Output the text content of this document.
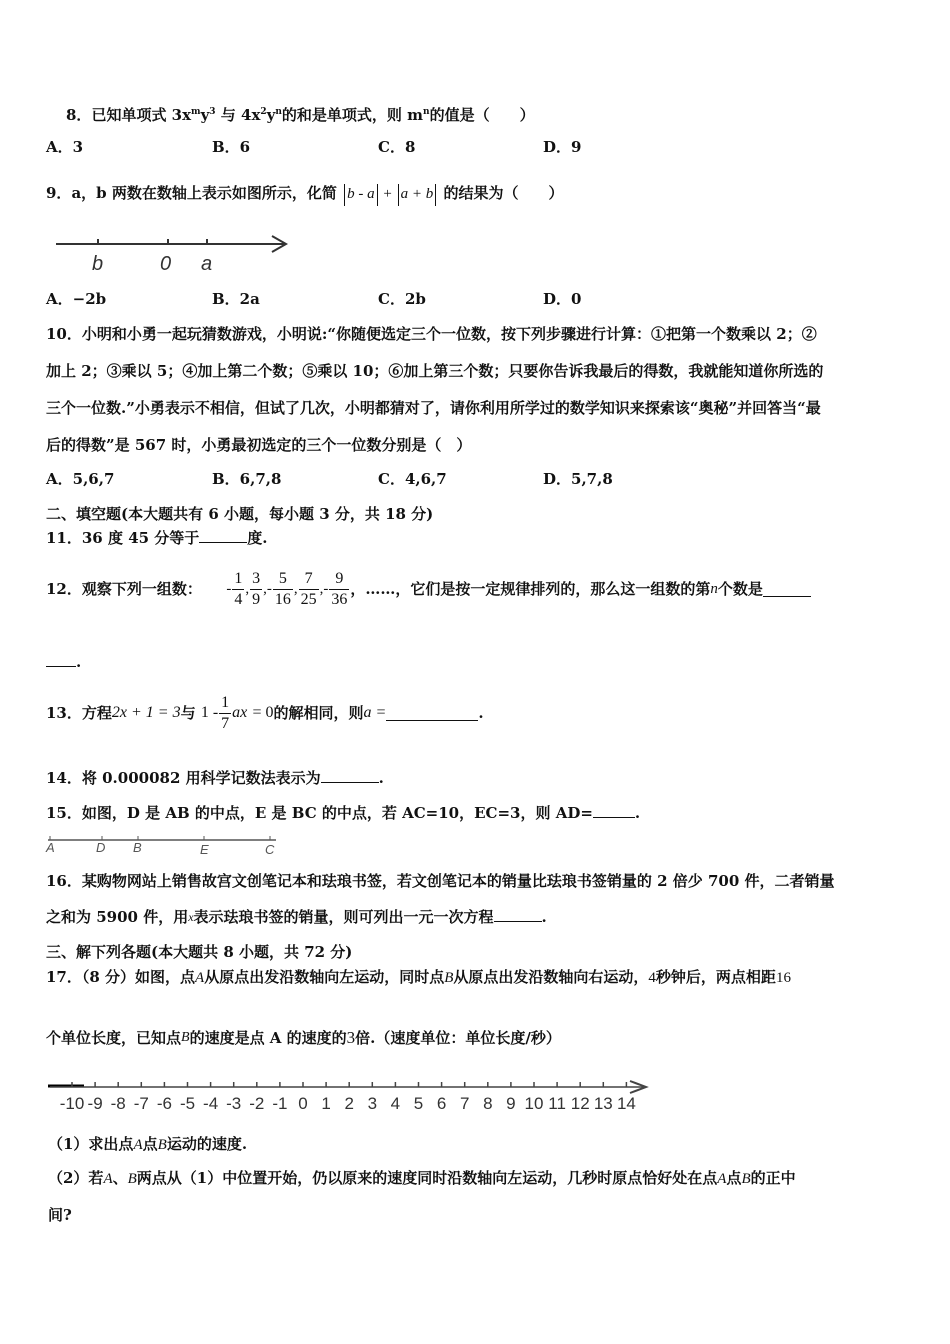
8．已知单项式 $3x^my^3$ 与 $4x^2y^n$的和是单项式，则 $m^n$的值是（　　）
A．3	B．6	C．8	D．9
9．a，b 两数在数轴上表示如图所示，化简 b - a + a + b 的结果为（　　）
b	0 a
A．−2b	B．2a	C．2b	D．0
10．小明和小勇一起玩猜数游戏，小明说:“你随便选定三个一位数，按下列步骤进行计算：①把第一个数乘以 2；②
加上 2；③乘以 5；④加上第二个数；⑤乘以 10；⑥加上第三个数；只要你告诉我最后的得数，我就能知道你所选的
三个一位数.”小勇表示不相信，但试了几次，小明都猜对了，请你利用所学过的数学知识来探索该“奥秘”并回答当“最
后的得数”是 567 时，小勇最初选定的三个一位数分别是（　）
A．5,6,7	B．6,7,8	C．4,6,7	D．5,7,8
二、填空题(本大题共有 6 小题，每小题 3 分，共 18 分)
11．36 度 45 分等于	度.
12．观察下列一组数： - $\frac{1}{4}$ , $\frac{3}{9}$ ,- $\frac{5}{16}$ , $\frac{7}{25}$ ,- $\frac{9}{36}$ ，……，它们是按一定规律排列的，那么这一组数的第n个数是
.
13．方程2x + 1 = 3与 $1 - \frac{1}{7}$ ax = 0的解相同，则a =	.
14．将 0.000082 用科学记数法表示为	.
15．如图，D 是 AB 的中点，E 是 BC 的中点，若 AC=10，EC=3，则 AD=	.
A	D B	E	C
16．某购物网站上销售故宫文创笔记本和珐琅书签，若文创笔记本的销量比珐琅书签销量的 2 倍少 700 件，二者销量
之和为 5900 件，用$^x$表示珐琅书签的销量，则可列出一元一次方程	.
三、解下列各题(本大题共 8 小题，共 72 分)
17．（8 分）如图，点A从原点出发沿数轴向左运动，同时点B从原点出发沿数轴向右运动，4秒钟后，两点相距16
个单位长度，已知点B的速度是点 A 的速度的3倍.（速度单位：单位长度/秒）
-10 -9 -8 -7 -6 -5 -4 -3 -2 -1 0 1 2 3 4 5 6 7 8 9 10 11 12 13 14
（1）求出点A点B运动的速度.
（2）若A、B两点从（1）中位置开始，仍以原来的速度同时沿数轴向左运动，几秒时原点恰好处在点A点B的正中
间?
